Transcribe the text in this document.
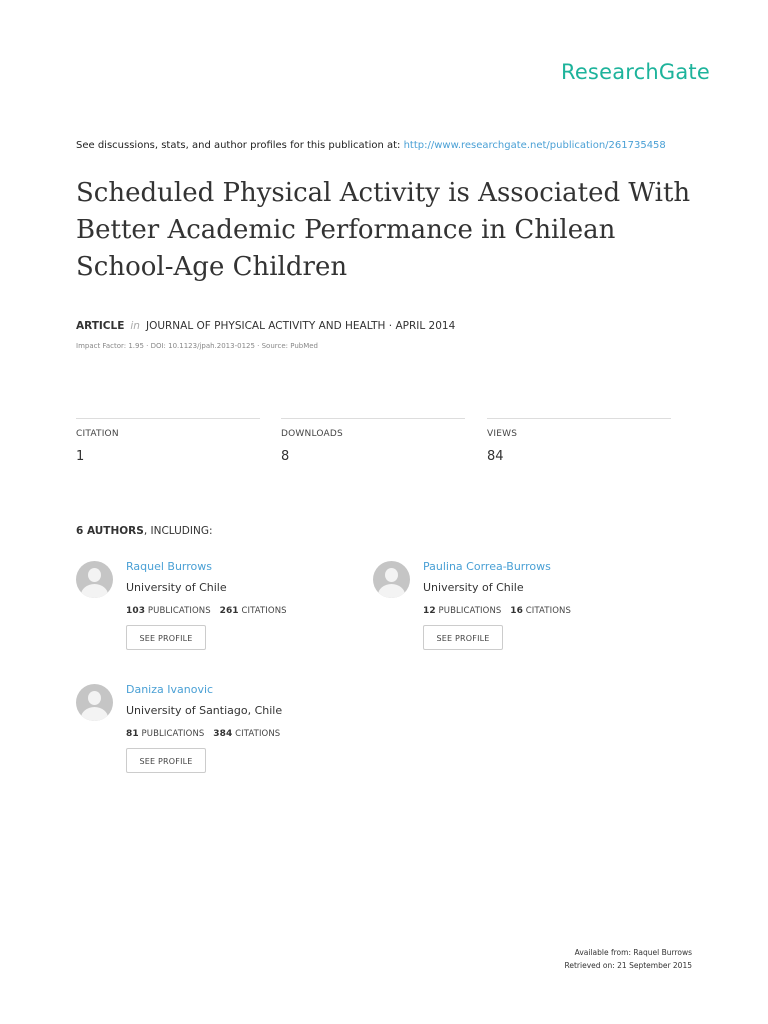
ResearchGate
See discussions, stats, and author profiles for this publication at: http://www.researchgate.net/publication/261735458
Scheduled Physical Activity is Associated With Better Academic Performance in Chilean School-Age Children
ARTICLE in JOURNAL OF PHYSICAL ACTIVITY AND HEALTH · APRIL 2014
Impact Factor: 1.95 · DOI: 10.1123/jpah.2013-0125 · Source: PubMed
CITATION
1
DOWNLOADS
8
VIEWS
84
6 AUTHORS, INCLUDING:
Raquel Burrows
University of Chile
103 PUBLICATIONS 261 CITATIONS
SEE PROFILE
Paulina Correa-Burrows
University of Chile
12 PUBLICATIONS 16 CITATIONS
SEE PROFILE
Daniza Ivanovic
University of Santiago, Chile
81 PUBLICATIONS 384 CITATIONS
SEE PROFILE
Available from: Raquel Burrows
Retrieved on: 21 September 2015
